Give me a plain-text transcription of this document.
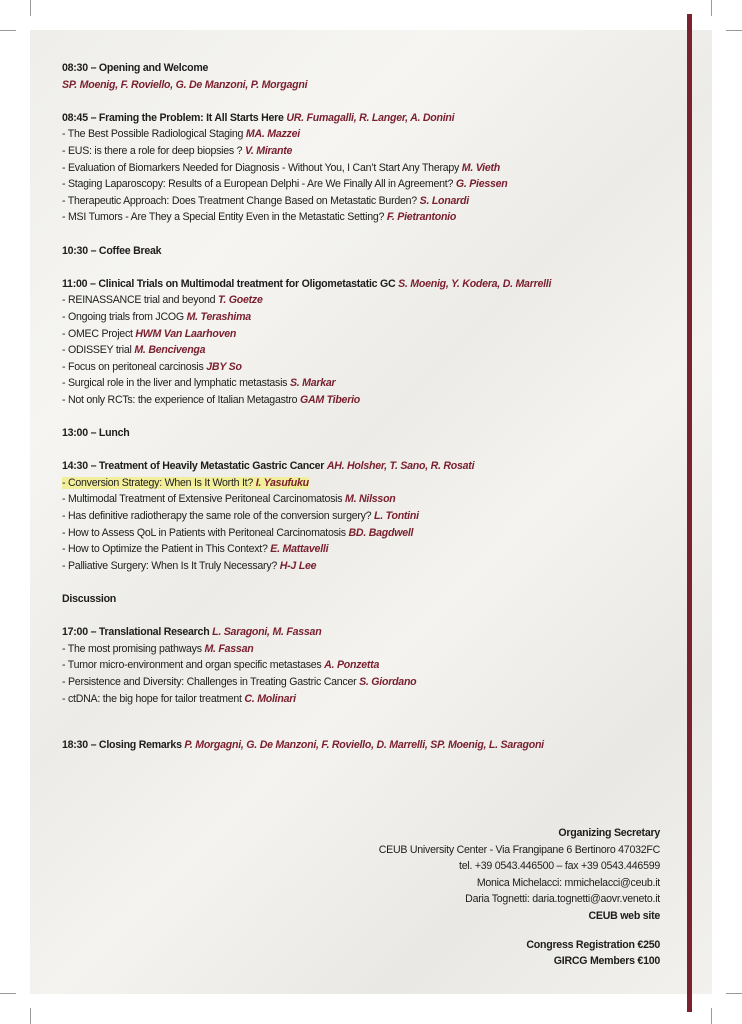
08:30 – Opening and Welcome
SP. Moenig, F. Roviello, G. De Manzoni, P. Morgagni
08:45 – Framing the Problem: It All Starts Here UR. Fumagalli, R. Langer, A. Donini
- The Best Possible Radiological Staging MA. Mazzei
- EUS: is there a role for deep biopsies ? V. Mirante
- Evaluation of Biomarkers Needed for Diagnosis - Without You, I Can’t Start Any Therapy M. Vieth
- Staging Laparoscopy: Results of a European Delphi - Are We Finally All in Agreement? G. Piessen
- Therapeutic Approach: Does Treatment Change Based on Metastatic Burden? S. Lonardi
- MSI Tumors - Are They a Special Entity Even in the Metastatic Setting? F. Pietrantonio
10:30 – Coffee Break
11:00 – Clinical Trials on Multimodal treatment for Oligometastatic GC S. Moenig, Y. Kodera, D. Marrelli
- REINASSANCE trial and beyond T. Goetze
- Ongoing trials from JCOG M. Terashima
- OMEC Project HWM Van Laarhoven
- ODISSEY trial M. Bencivenga
- Focus on peritoneal carcinosis JBY So
- Surgical role in the liver and lymphatic metastasis S. Markar
- Not only RCTs: the experience of Italian Metagastro GAM Tiberio
13:00 – Lunch
14:30 – Treatment of Heavily Metastatic Gastric Cancer AH. Holsher, T. Sano, R. Rosati
- Conversion Strategy: When Is It Worth It? I. Yasufuku
- Multimodal Treatment of Extensive Peritoneal Carcinomatosis M. Nilsson
- Has definitive radiotherapy the same role of the conversion surgery? L. Tontini
- How to Assess QoL in Patients with Peritoneal Carcinomatosis BD. Bagdwell
- How to Optimize the Patient in This Context? E. Mattavelli
- Palliative Surgery: When Is It Truly Necessary? H-J Lee
Discussion
17:00 – Translational Research L. Saragoni, M. Fassan
- The most promising pathways M. Fassan
- Tumor micro-environment and organ specific metastases A. Ponzetta
- Persistence and Diversity: Challenges in Treating Gastric Cancer S. Giordano
- ctDNA: the big hope for tailor treatment C. Molinari
18:30 – Closing Remarks P. Morgagni, G. De Manzoni, F. Roviello, D. Marrelli, SP. Moenig, L. Saragoni
Organizing Secretary
CEUB University Center - Via Frangipane 6 Bertinoro 47032FC
tel. +39 0543.446500 – fax +39 0543.446599
Monica Michelacci: mmichelacci@ceub.it
Daria Tognetti: daria.tognetti@aovr.veneto.it
CEUB web site
Congress Registration €250
GIRCG Members €100
